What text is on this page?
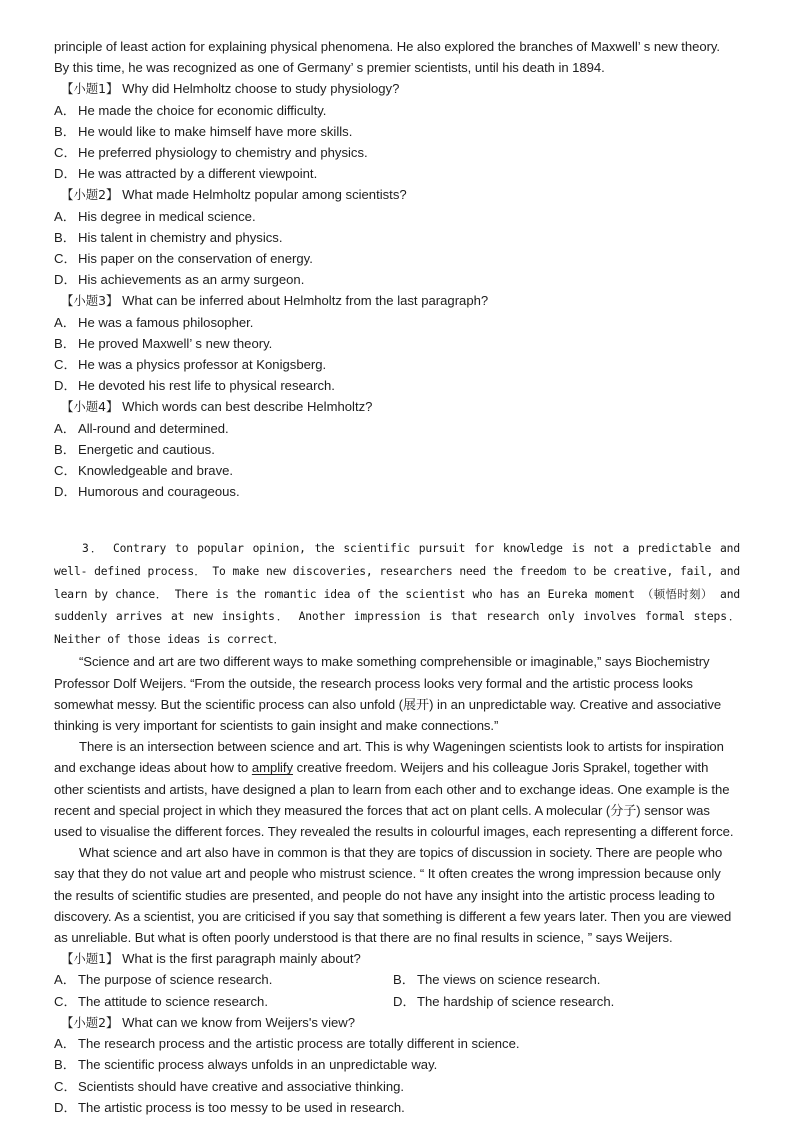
principle of least action for explaining physical phenomena. He also explored the branches of Maxwell’ s new theory.

By this time, he was recognized as one of Germany’ s premier scientists, until his death in 1894.

【小题1】 Why did Helmholtz choose to study physiology?

A． He made the choice for economic difficulty.
B． He would like to make himself have more skills.
C． He preferred physiology to chemistry and physics.
D． He was attracted by a different viewpoint.

【小题2】 What made Helmholtz popular among scientists?

A． His degree in medical science.
B． His talent in chemistry and physics.
C． His paper on the conservation of energy.
D． His achievements as an army surgeon.

【小题3】 What can be inferred about Helmholtz from the last paragraph?

A． He was a famous philosopher.
B． He proved Maxwell’ s new theory.
C． He was a physics professor at Konigsberg.
D． He devoted his rest life to physical research.

【小题4】 Which words can best describe Helmholtz?

A． All-round and determined.
B． Energetic and cautious.
C． Knowledgeable and brave.
D． Humorous and courageous.

3． Contrary to popular opinion, the scientific pursuit for knowledge is not a predictable and well- defined process． To make new discoveries, researchers need the freedom to be creative, fail, and learn by chance． There is the romantic idea of the scientist who has an Eureka moment （顿悟时刻） and suddenly arrives at new insights． Another impression is that research only involves formal steps． Neither of those ideas is correct．

“Science and art are two different ways to make something comprehensible or imaginable,” says Biochemistry Professor Dolf Weijers. “From the outside, the research process looks very formal and the artistic process looks somewhat messy. But the scientific process can also unfold (展开) in an unpredictable way. Creative and associative thinking is very important for scientists to gain insight and make connections.”

There is an intersection between science and art. This is why Wageningen scientists look to artists for inspiration and exchange ideas about how to amplify creative freedom. Weijers and his colleague Joris Sprakel, together with other scientists and artists, have designed a plan to learn from each other and to exchange ideas. One example is the recent and special project in which they measured the forces that act on plant cells. A molecular (分子) sensor was used to visualise the different forces. They revealed the results in colourful images, each representing a different force.

What science and art also have in common is that they are topics of discussion in society. There are people who say that they do not value art and people who mistrust science. “ It often creates the wrong impression because only the results of scientific studies are presented, and people do not have any insight into the artistic process leading to discovery. As a scientist, you are criticised if you say that something is different a few years later. Then you are viewed as unreliable. But what is often poorly understood is that there are no final results in science, ” says Weijers.

【小题1】 What is the first paragraph mainly about?

A． The purpose of science research.	B． The views on science research.
C． The attitude to science research.	D． The hardship of science research.

【小题2】 What can we know from Weijers's view?

A． The research process and the artistic process are totally different in science.
B． The scientific process always unfolds in an unpredictable way.
C． Scientists should have creative and associative thinking.
D． The artistic process is too messy to be used in research.
